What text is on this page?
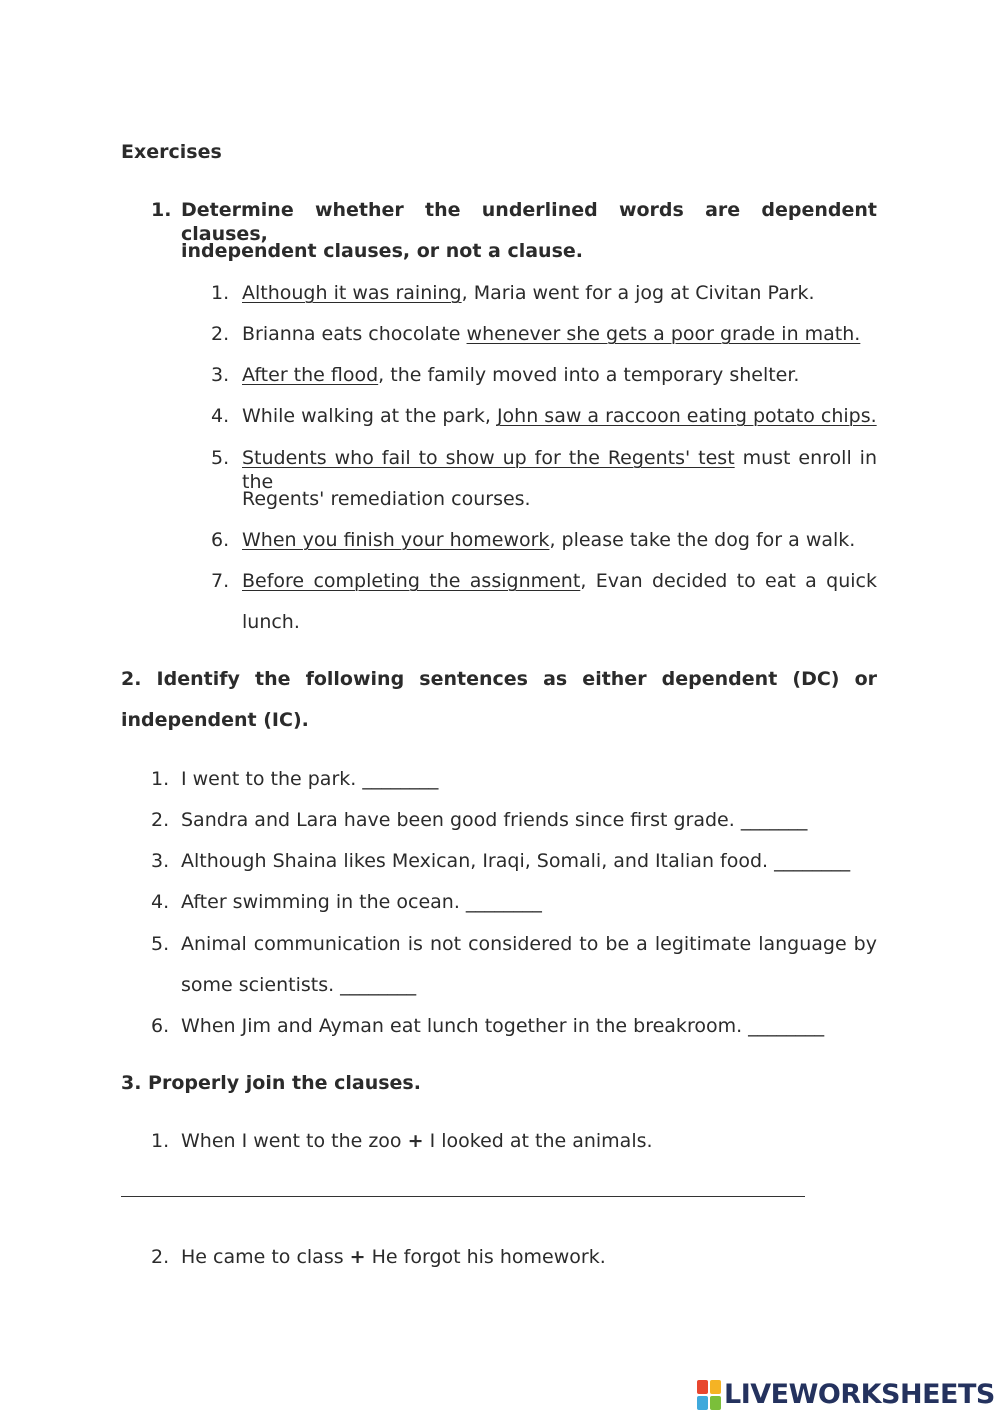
Exercises
1. Determine whether the underlined words are dependent clauses,
independent clauses, or not a clause.
1. Although it was raining, Maria went for a jog at Civitan Park.
2. Brianna eats chocolate whenever she gets a poor grade in math.
3. After the flood, the family moved into a temporary shelter.
4. While walking at the park, John saw a raccoon eating potato chips.
5. Students who fail to show up for the Regents' test must enroll in the
Regents' remediation courses.
6. When you finish your homework, please take the dog for a walk.
7. Before completing the assignment, Evan decided to eat a quick
lunch.
2. Identify the following sentences as either dependent (DC) or
independent (IC).
1. I went to the park. ________
2. Sandra and Lara have been good friends since first grade. _______
3. Although Shaina likes Mexican, Iraqi, Somali, and Italian food. ________
4. After swimming in the ocean. ________
5. Animal communication is not considered to be a legitimate language by
some scientists. ________
6. When Jim and Ayman eat lunch together in the breakroom. ________
3. Properly join the clauses.
1. When I went to the zoo + I looked at the animals.
2. He came to class + He forgot his homework.
LIVEWORKSHEETS
